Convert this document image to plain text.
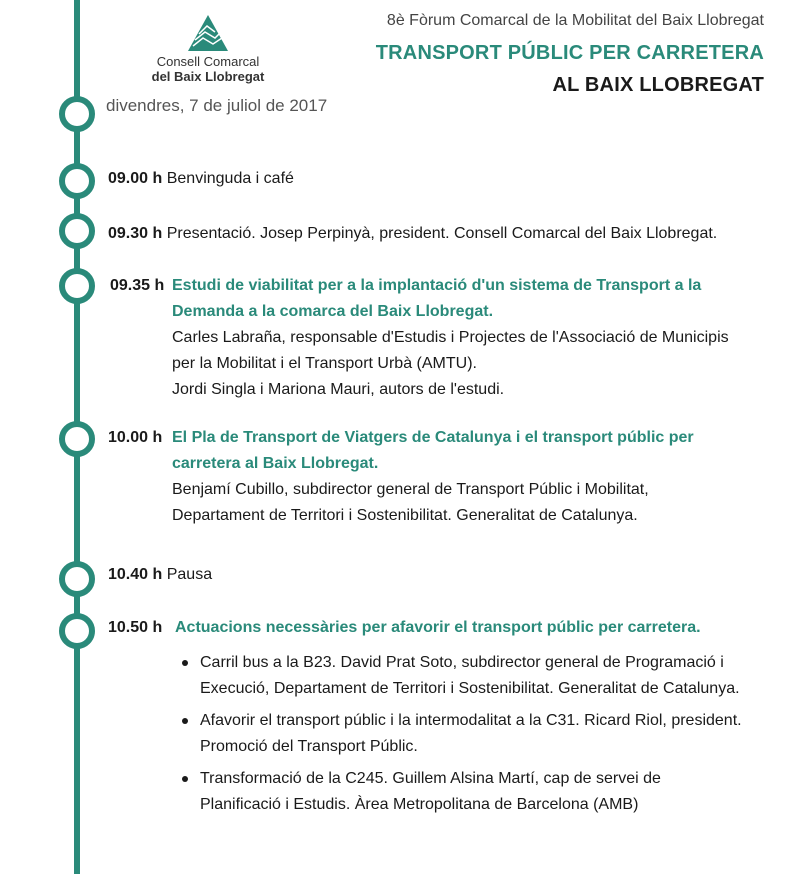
Consell Comarcal
del Baix Llobregat
8è Fòrum Comarcal de la Mobilitat del Baix Llobregat
TRANSPORT PÚBLIC PER CARRETERA
AL BAIX LLOBREGAT
divendres, 7 de juliol de 2017
09.00 h Benvinguda i café
09.30 h Presentació. Josep Perpinyà, president. Consell Comarcal del Baix Llobregat.
09.35 h Estudi de viabilitat per a la implantació d'un sistema de Transport a la
Demanda a la comarca del Baix Llobregat.
Carles Labraña, responsable d'Estudis i Projectes de l'Associació de Municipis
per la Mobilitat i el Transport Urbà (AMTU).
Jordi Singla i Mariona Mauri, autors de l'estudi.
10.00 h El Pla de Transport de Viatgers de Catalunya i el transport públic per
carretera al Baix Llobregat.
Benjamí Cubillo, subdirector general de Transport Públic i Mobilitat,
Departament de Territori i Sostenibilitat. Generalitat de Catalunya.
10.40 h Pausa
10.50 h Actuacions necessàries per afavorir el transport públic per carretera.
Carril bus a la B23. David Prat Soto, subdirector general de Programació i
Execució, Departament de Territori i Sostenibilitat. Generalitat de Catalunya.
Afavorir el transport públic i la intermodalitat a la C31. Ricard Riol, president.
Promoció del Transport Públic.
Transformació de la C245. Guillem Alsina Martí, cap de servei de
Planificació i Estudis. Àrea Metropolitana de Barcelona (AMB)
